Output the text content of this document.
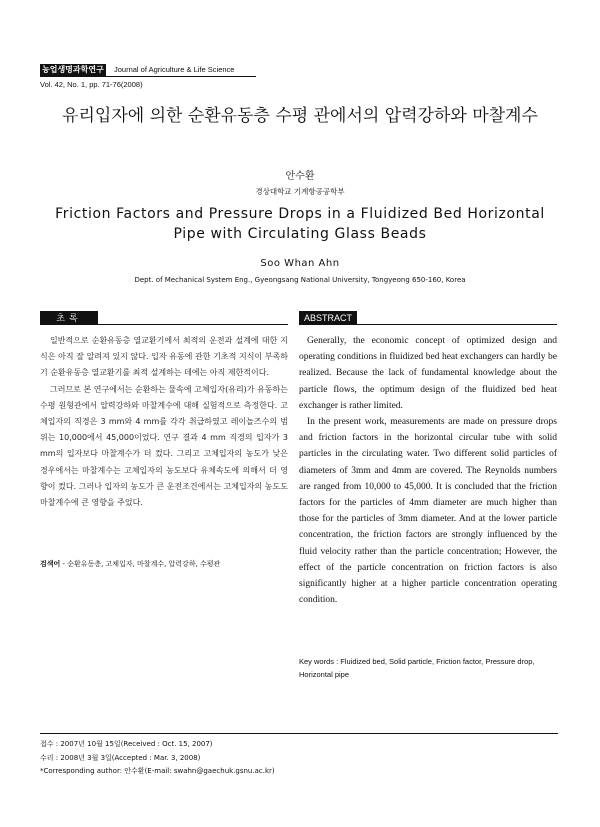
농업생명과학연구 Journal of Agriculture & Life Science
Vol. 42, No. 1, pp. 71-76(2008)
유리입자에 의한 순환유동층 수평 관에서의 압력강하와 마찰계수
안수환
경상대학교 기계항공공학부
Friction Factors and Pressure Drops in a Fluidized Bed Horizontal Pipe with Circulating Glass Beads
Soo Whan Ahn
Dept. of Mechanical System Eng., Gyeongsang National University, Tongyeong 650-160, Korea
초록	ABSTRACT

일반적으로 순환유동층 열교환기에서 최적의 운전과 설계에 대한 지식은 아직 잘 알려져 있지 않다. 입자 유동에 관한 기초적 지식이 부족하기 순환유동층 열교환기를 최적 설계하는 데에는 아직 제한적이다.

그러므로 본 연구에서는 순환하는 물속에 고체입자(유리)가 유동하는 수평 원형관에서 압력강하와 마찰계수에 대해 실험적으로 측정한다. 고체입자의 직경은 3 mm와 4 mm를 각각 취급하였고 레이놀즈수의 범위는 10,000에서 45,000이었다. 연구 결과 4 mm 직경의 입자가 3 mm의 입자보다 마찰계수가 더 컸다. 그리고 고체입자의 농도가 낮은 경우에서는 마찰계수는 고체입자의 농도보다 유체속도에 의해서 더 영향이 컸다. 그러나 입자의 농도가 큰 운전조건에서는 고체입자의 농도도 마찰계수에 큰 영향을 주었다.

검색어 - 순환유동층, 고체입자, 마찰계수, 압력강하, 수평관

Generally, the economic concept of optimized design and operating conditions in fluidized bed heat exchangers can hardly be realized. Because the lack of fundamental knowledge about the particle flows, the optimum design of the fluidized bed heat exchanger is rather limited.

In the present work, measurements are made on pressure drops and friction factors in the horizontal circular tube with solid particles in the circulating water. Two different solid particles of diameters of 3mm and 4mm are covered. The Reynolds numbers are ranged from 10,000 to 45,000. It is concluded that the friction factors for the particles of 4mm diameter are much higher than those for the particles of 3mm diameter. And at the lower particle concentration, the friction factors are strongly influenced by the fluid velocity rather than the particle concentration; However, the effect of the particle concentration on friction factors is also significantly higher at a higher particle concentration operating condition.

Key words : Fluidized bed, Solid particle, Friction factor, Pressure drop, Horizontal pipe
접수 : 2007년 10월 15일(Received : Oct. 15, 2007)
수리 : 2008년 3월 3일(Accepted : Mar. 3, 2008)
*Corresponding author: 안수환(E-mail: swahn@gaechuk.gsnu.ac.kr)
